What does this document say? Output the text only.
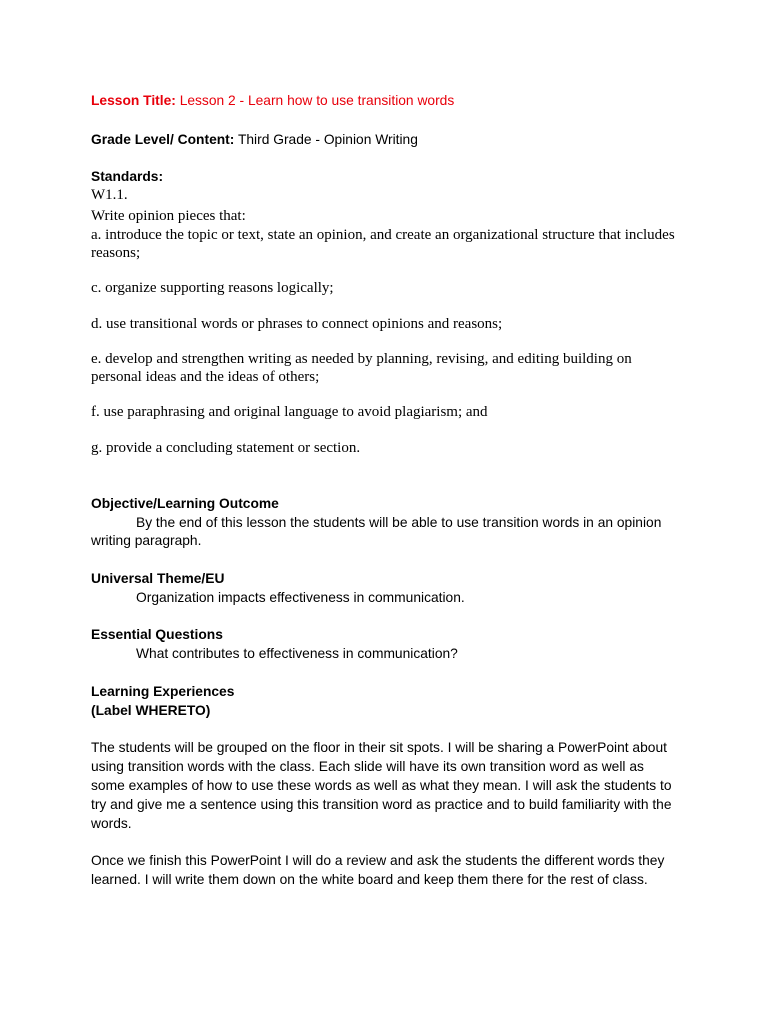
Lesson Title: Lesson 2 - Learn how to use transition words
Grade Level/ Content: Third Grade - Opinion Writing
Standards:
W1.1.
Write opinion pieces that:
a. introduce the topic or text, state an opinion, and create an organizational structure that includes
reasons;
c. organize supporting reasons logically;
d. use transitional words or phrases to connect opinions and reasons;
e. develop and strengthen writing as needed by planning, revising, and editing building on
personal ideas and the ideas of others;
f. use paraphrasing and original language to avoid plagiarism; and
g. provide a concluding statement or section.
Objective/Learning Outcome
By the end of this lesson the students will be able to use transition words in an opinion
writing paragraph.
Universal Theme/EU
Organization impacts effectiveness in communication.
Essential Questions
What contributes to effectiveness in communication?
Learning Experiences
(Label WHERETO)
The students will be grouped on the floor in their sit spots. I will be sharing a PowerPoint about
using transition words with the class. Each slide will have its own transition word as well as
some examples of how to use these words as well as what they mean. I will ask the students to
try and give me a sentence using this transition word as practice and to build familiarity with the
words.
Once we finish this PowerPoint I will do a review and ask the students the different words they
learned. I will write them down on the white board and keep them there for the rest of class.
